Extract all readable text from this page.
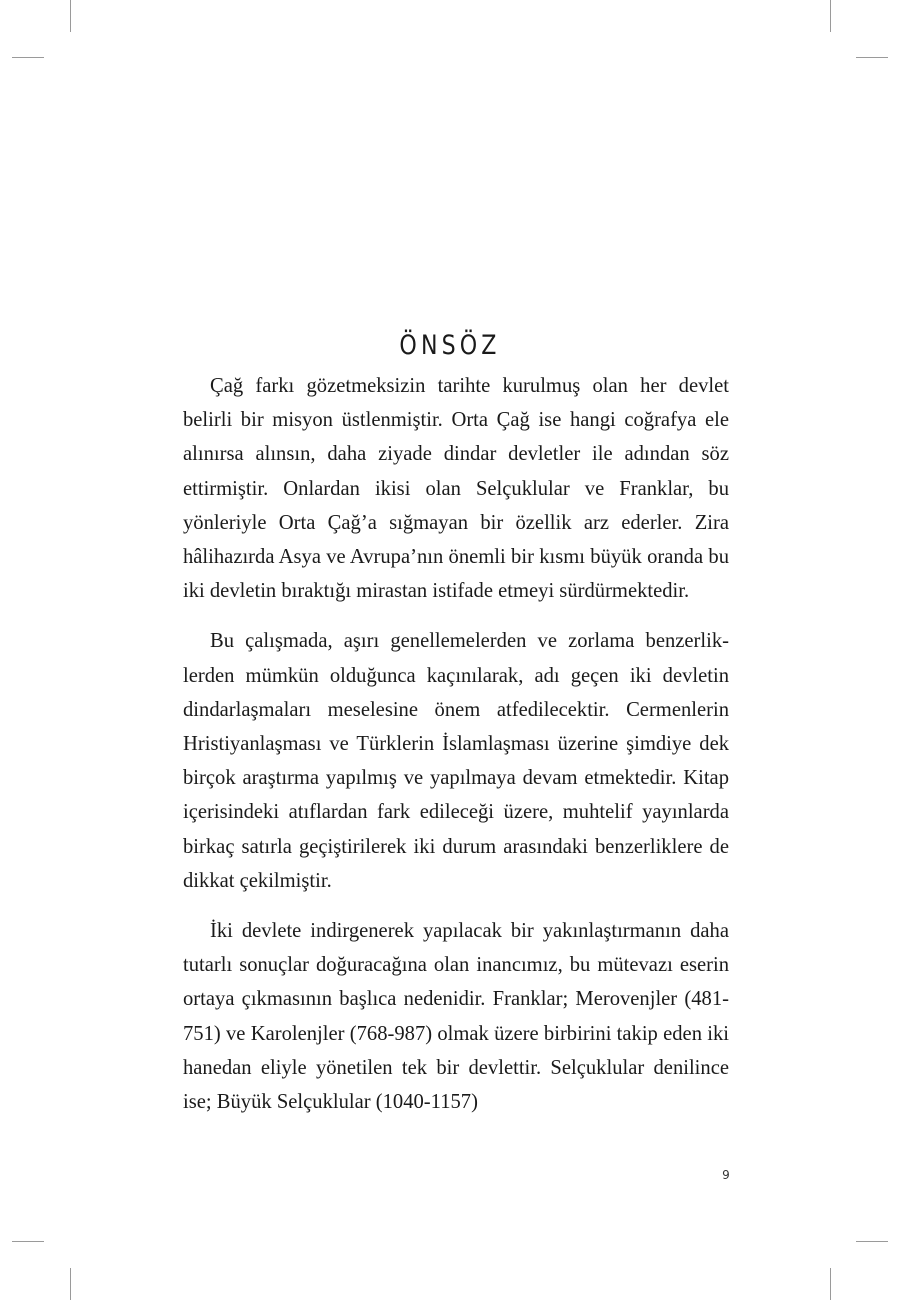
ÖNSÖZ

Çağ farkı gözetmeksizin tarihte kurulmuş olan her devlet belirli bir misyon üstlenmiştir. Orta Çağ ise hangi coğrafya ele alınırsa alınsın, daha ziyade dindar devletler ile adından söz ettirmiştir. Onlardan ikisi olan Selçuklular ve Franklar, bu yönleriyle Orta Çağ’a sığmayan bir özellik arz ederler. Zira hâlihazırda Asya ve Avrupa’nın önemli bir kısmı büyük oranda bu iki devletin bıraktığı mirastan istifade etmeyi sürdürmektedir.

Bu çalışmada, aşırı genellemelerden ve zorlama benzerliklerden mümkün olduğunca kaçınılarak, adı geçen iki devletin dindarlaşmaları meselesine önem atfedilecektir. Cermenlerin Hristiyanlaşması ve Türklerin İslamlaşması üzerine şimdiye dek birçok araştırma yapılmış ve yapılmaya devam etmektedir. Kitap içerisindeki atıflardan fark edileceği üzere, muhtelif yayınlarda birkaç satırla geçiştirilerek iki durum arasındaki benzerliklere de dikkat çekilmiştir.

İki devlete indirgenerek yapılacak bir yakınlaştırmanın daha tutarlı sonuçlar doğuracağına olan inancımız, bu mütevazı eserin ortaya çıkmasının başlıca nedenidir. Franklar; Merovenjler (481-751) ve Karolenjler (768-987) olmak üzere birbirini takip eden iki hanedan eliyle yönetilen tek bir devlettir. Selçuklular denilince ise; Büyük Selçuklular (1040-1157)

9
